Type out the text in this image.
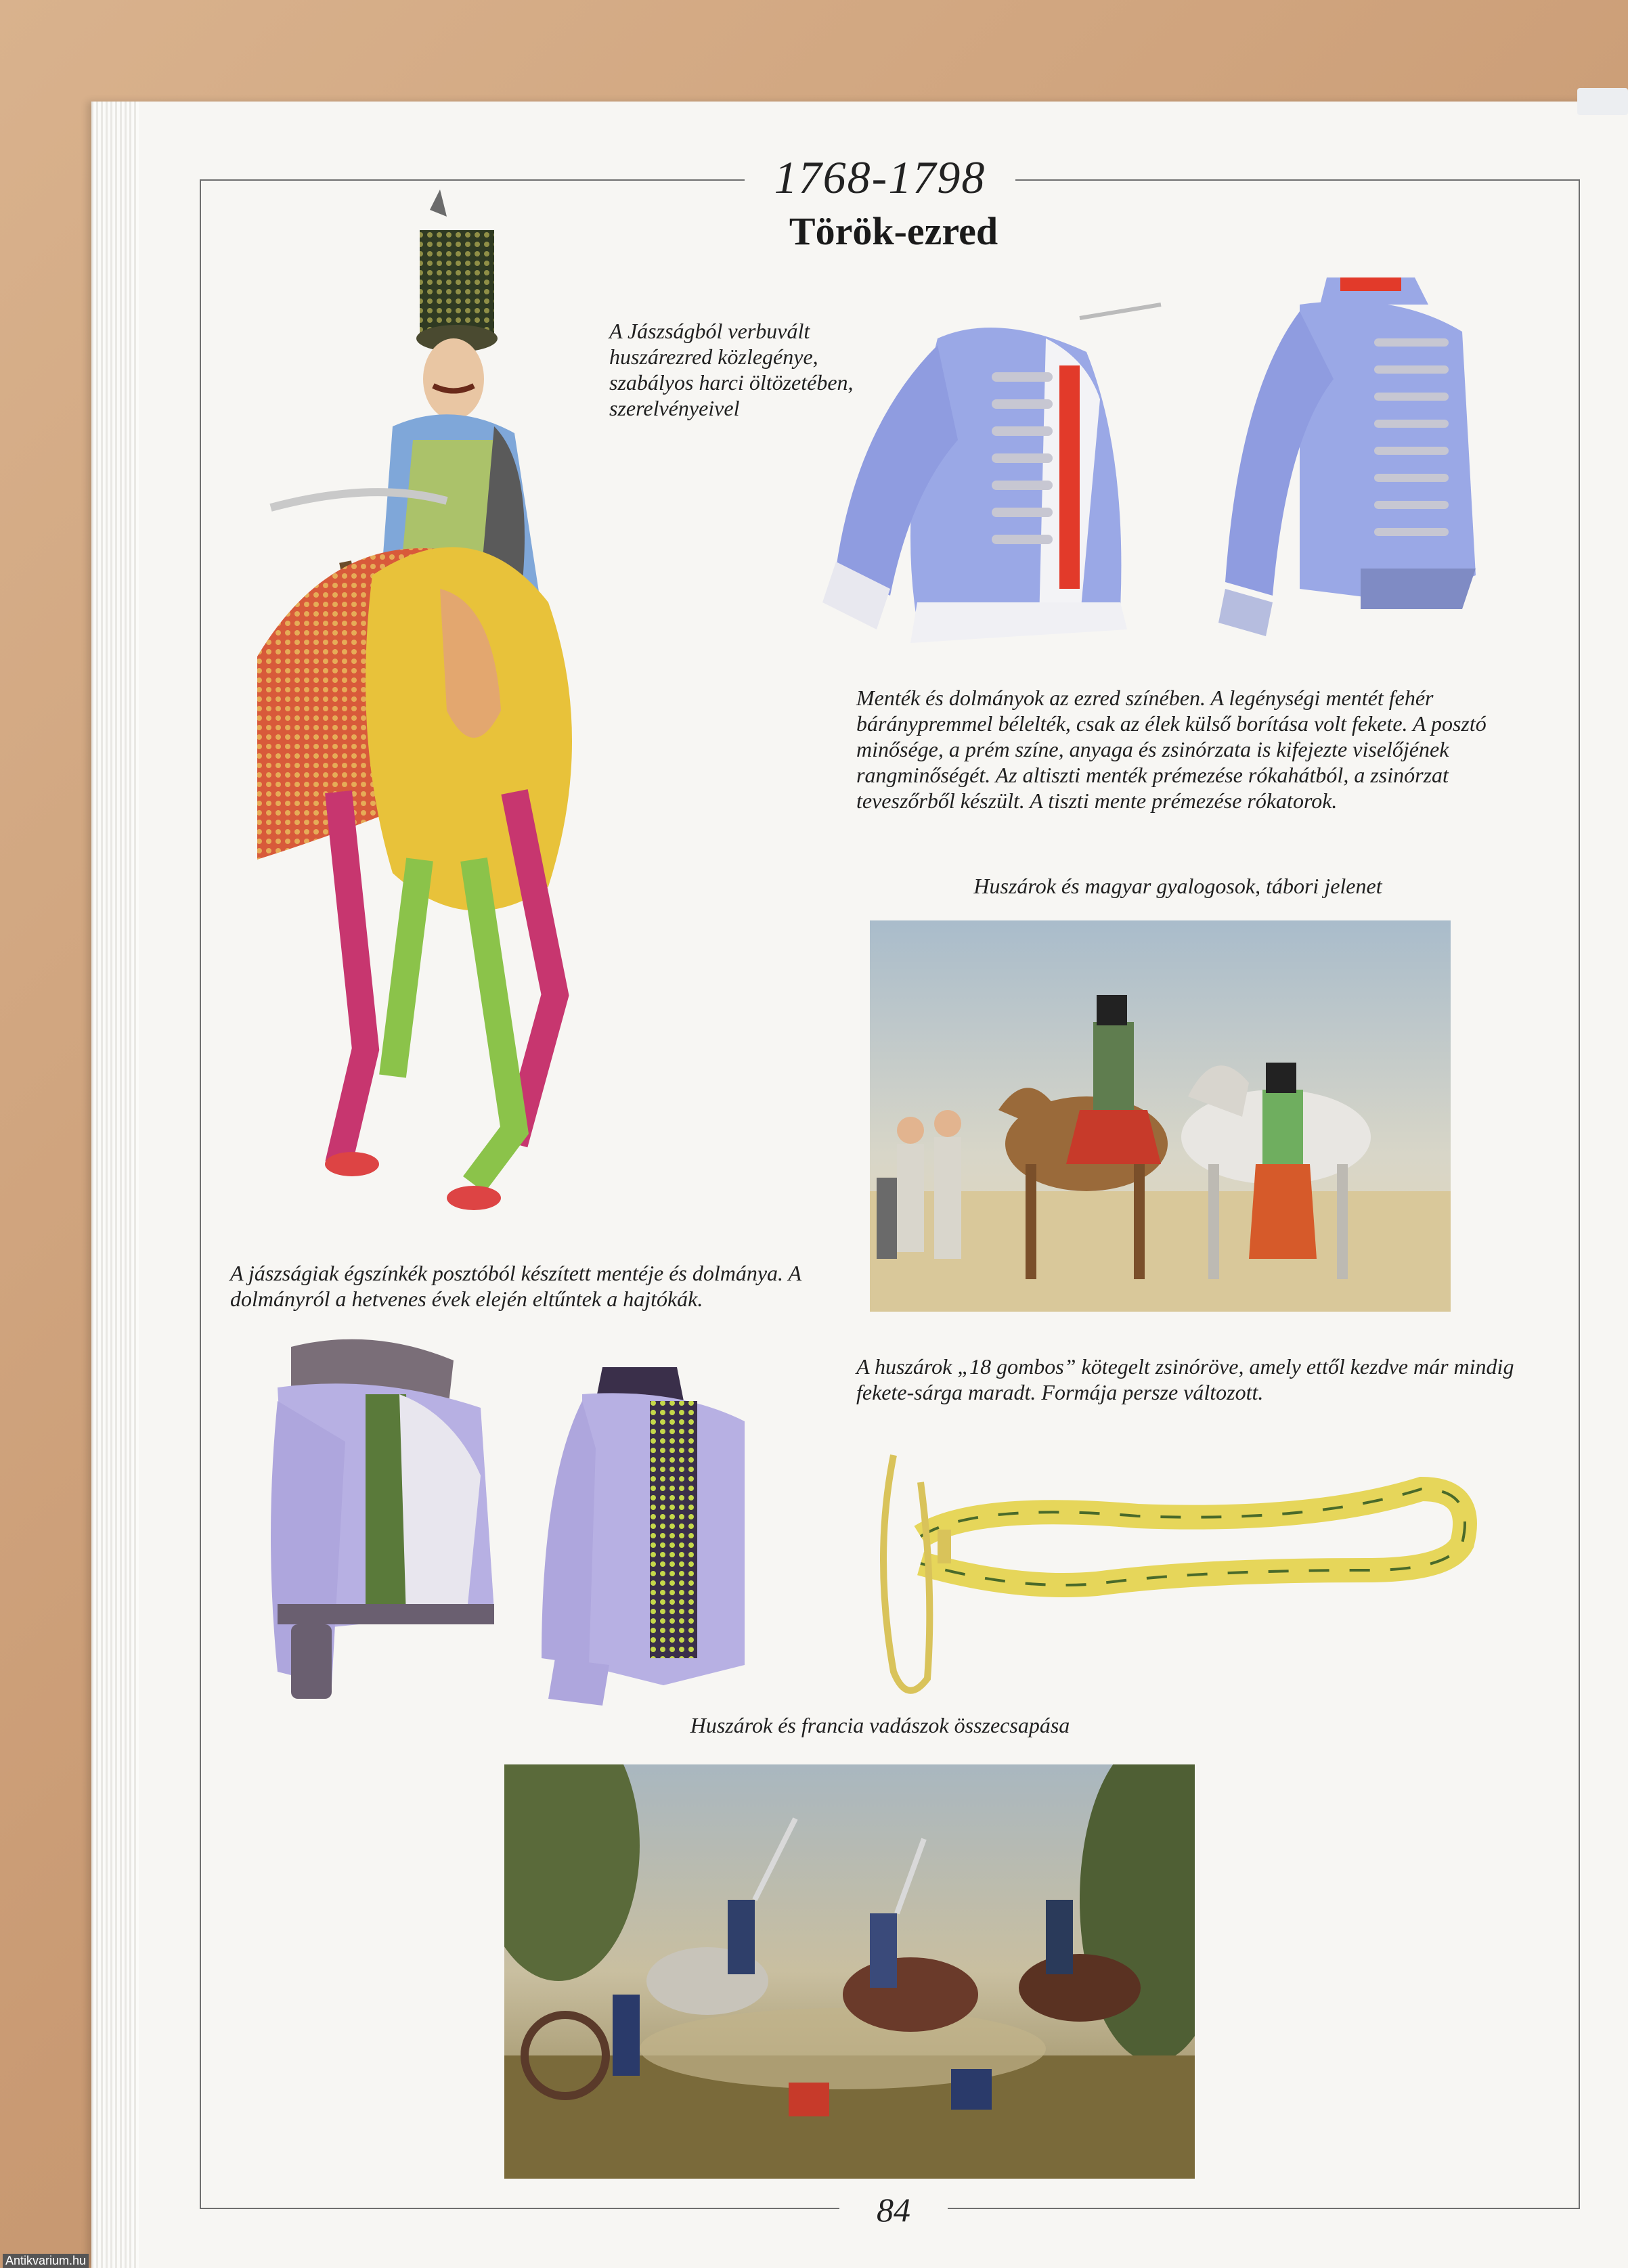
1768-1798
Török-ezred
A Jászságból verbuvált huszárezred közlegénye, szabályos harci öltözetében, szerelvényeivel
Menték és dolmányok az ezred színében. A legénységi mentét fehér báránypremmel bélelték, csak az élek külső borítása volt fekete. A posztó minősége, a prém színe, anyaga és zsinórzata is kifejezte viselőjének rangminőségét. Az altiszti menték prémezése rókahátból, a zsinórzat teveszőrből készült. A tiszti mente prémezése rókatorok.
Huszárok és magyar gyalogosok, tábori jelenet
A jászságiak égszínkék posztóból készített mentéje és dolmánya. A dolmányról a hetvenes évek elején eltűntek a hajtókák.
A huszárok „18 gombos” kötegelt zsinóröve, amely ettől kezdve már mindig fekete-sárga maradt. Formája persze változott.
Huszárok és francia vadászok összecsapása
84
Antikvarium.hu
